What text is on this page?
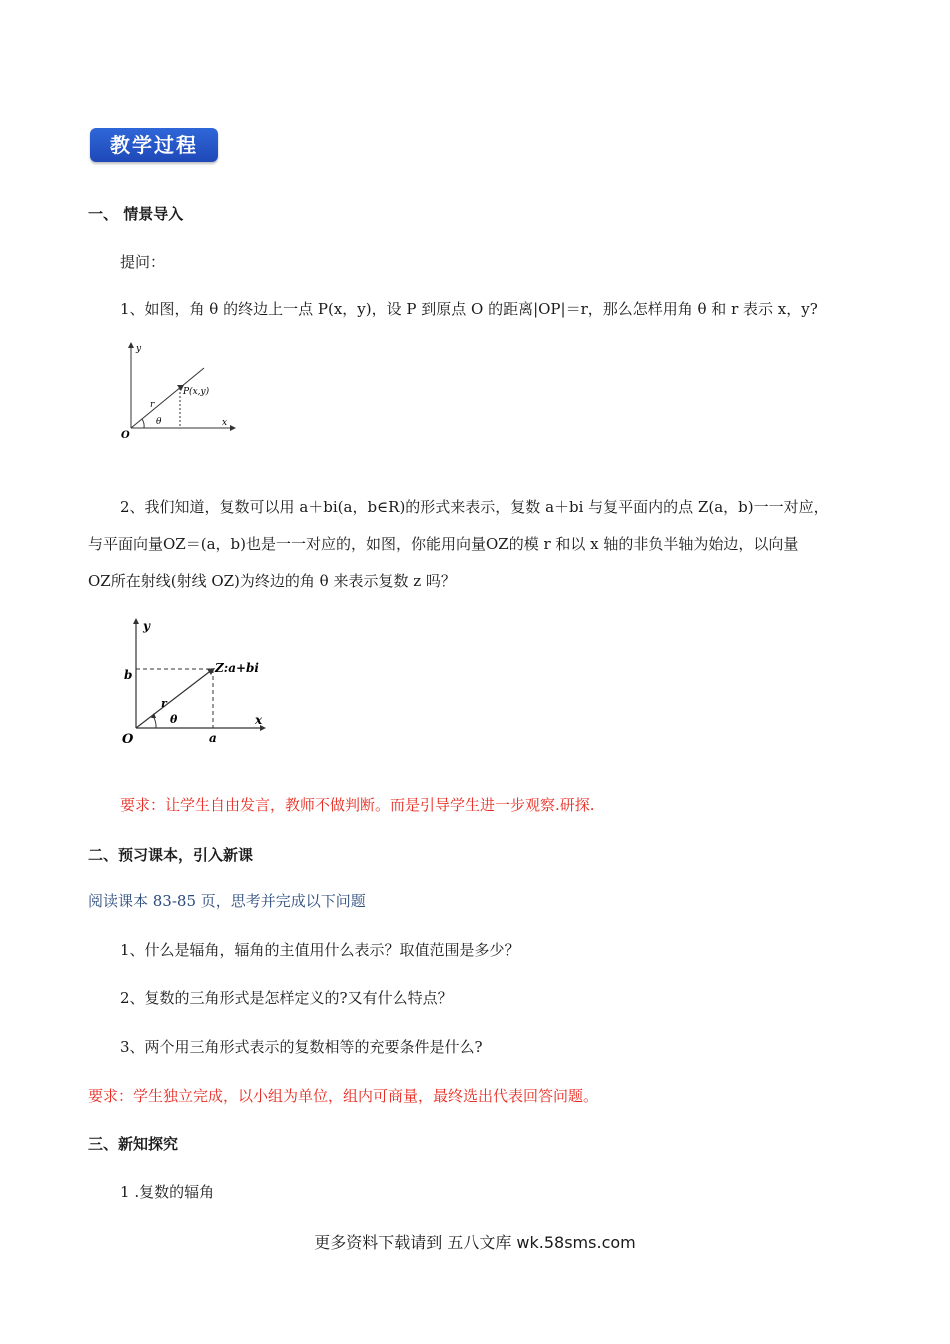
教学过程
一、 情景导入
提问：
1、如图，角 θ 的终边上一点 P(x，y)，设 P 到原点 O 的距离|OP|＝r，那么怎样用角 θ 和 r 表示 x，y?
y
x
O
P(x,y)
r
θ
2、我们知道，复数可以用 a＋bi(a，b∈R)的形式来表示，复数 a＋bi 与复平面内的点 Z(a，b)一一对应，
与平面向量OZ＝(a，b)也是一一对应的，如图，你能用向量OZ的模 r 和以 x 轴的非负半轴为始边，以向量
OZ所在射线(射线 OZ)为终边的角 θ 来表示复数 z 吗？
y
x
O
b
a
Z:a+bi
r
θ
要求：让学生自由发言，教师不做判断。而是引导学生进一步观察.研探.
二、预习课本，引入新课
阅读课本 83-85 页，思考并完成以下问题
1、什么是辐角，辐角的主值用什么表示？取值范围是多少？
2、复数的三角形式是怎样定义的?又有什么特点？
3、两个用三角形式表示的复数相等的充要条件是什么?
要求：学生独立完成，以小组为单位，组内可商量，最终选出代表回答问题。
三、新知探究
1 .复数的辐角
更多资料下载请到 五八文库 wk.58sms.com
